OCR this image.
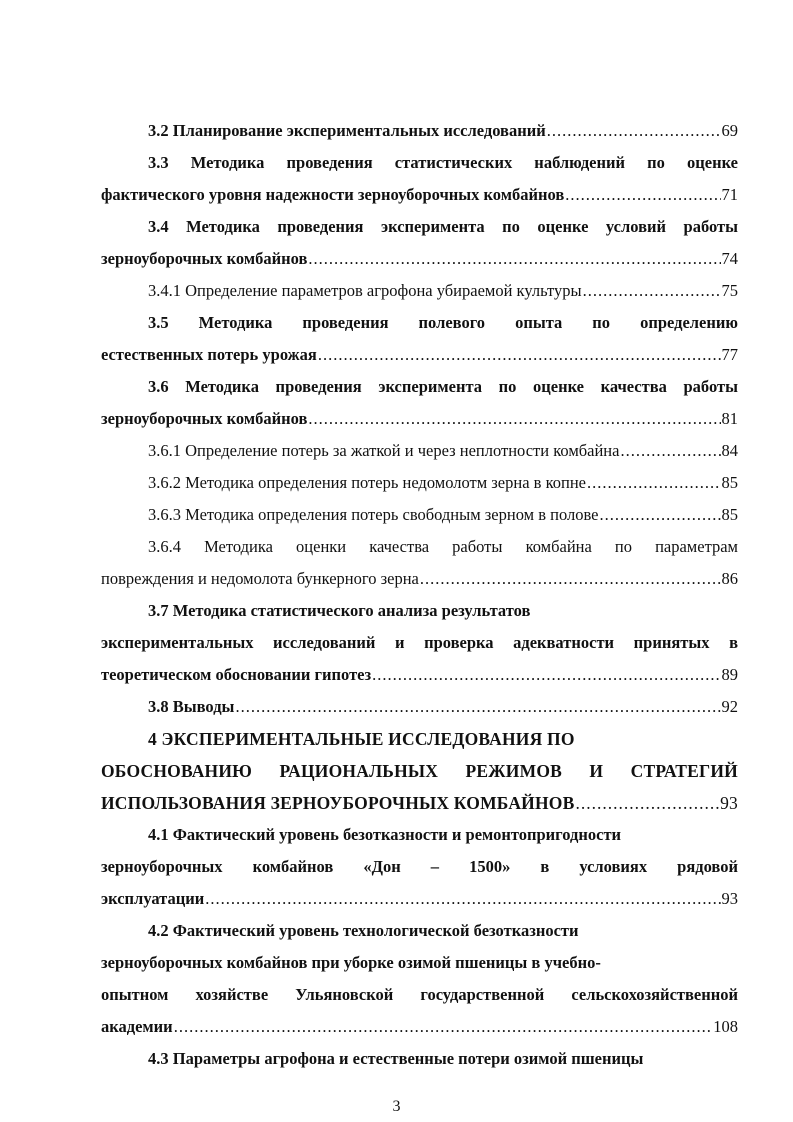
3.2 Планирование экспериментальных исследований .....	69
3.3 Методика проведения статистических наблюдений по оценке
фактического уровня надежности зерноуборочных комбайнов .....	71
3.4 Методика проведения эксперимента по оценке условий работы
зерноуборочных комбайнов .....	74
3.4.1 Определение параметров агрофона убираемой культуры .....	75
3.5 Методика проведения полевого опыта по определению
естественных потерь урожая .....	77
3.6 Методика проведения эксперимента по оценке качества работы
зерноуборочных комбайнов .....	81
3.6.1 Определение потерь за жаткой и через неплотности комбайна .....	84
3.6.2 Методика определения потерь недомолотм зерна в копне .....	85
3.6.3 Методика определения потерь свободным зерном в полове .....	85
3.6.4 Методика оценки качества работы комбайна по параметрам
повреждения и недомолота бункерного зерна .....	86
3.7 Методика статистического анализа результатов
экспериментальных исследований и проверка адекватности принятых в
теоретическом обосновании гипотез .....	89
3.8 Выводы .....	92
4 ЭКСПЕРИМЕНТАЛЬНЫЕ ИССЛЕДОВАНИЯ ПО
ОБОСНОВАНИЮ РАЦИОНАЛЬНЫХ РЕЖИМОВ И СТРАТЕГИЙ
ИСПОЛЬЗОВАНИЯ ЗЕРНОУБОРОЧНЫХ КОМБАЙНОВ .....	93
4.1 Фактический уровень безотказности и ремонтопригодности
зерноуборочных комбайнов «Дон – 1500» в условиях рядовой
эксплуатации .....	93
4.2 Фактический уровень технологической безотказности
зерноуборочных комбайнов при уборке озимой пшеницы в учебно-
опытном хозяйстве Ульяновской государственной сельскохозяйственной
академии .....	108
4.3 Параметры агрофона и естественные потери озимой пшеницы
3
